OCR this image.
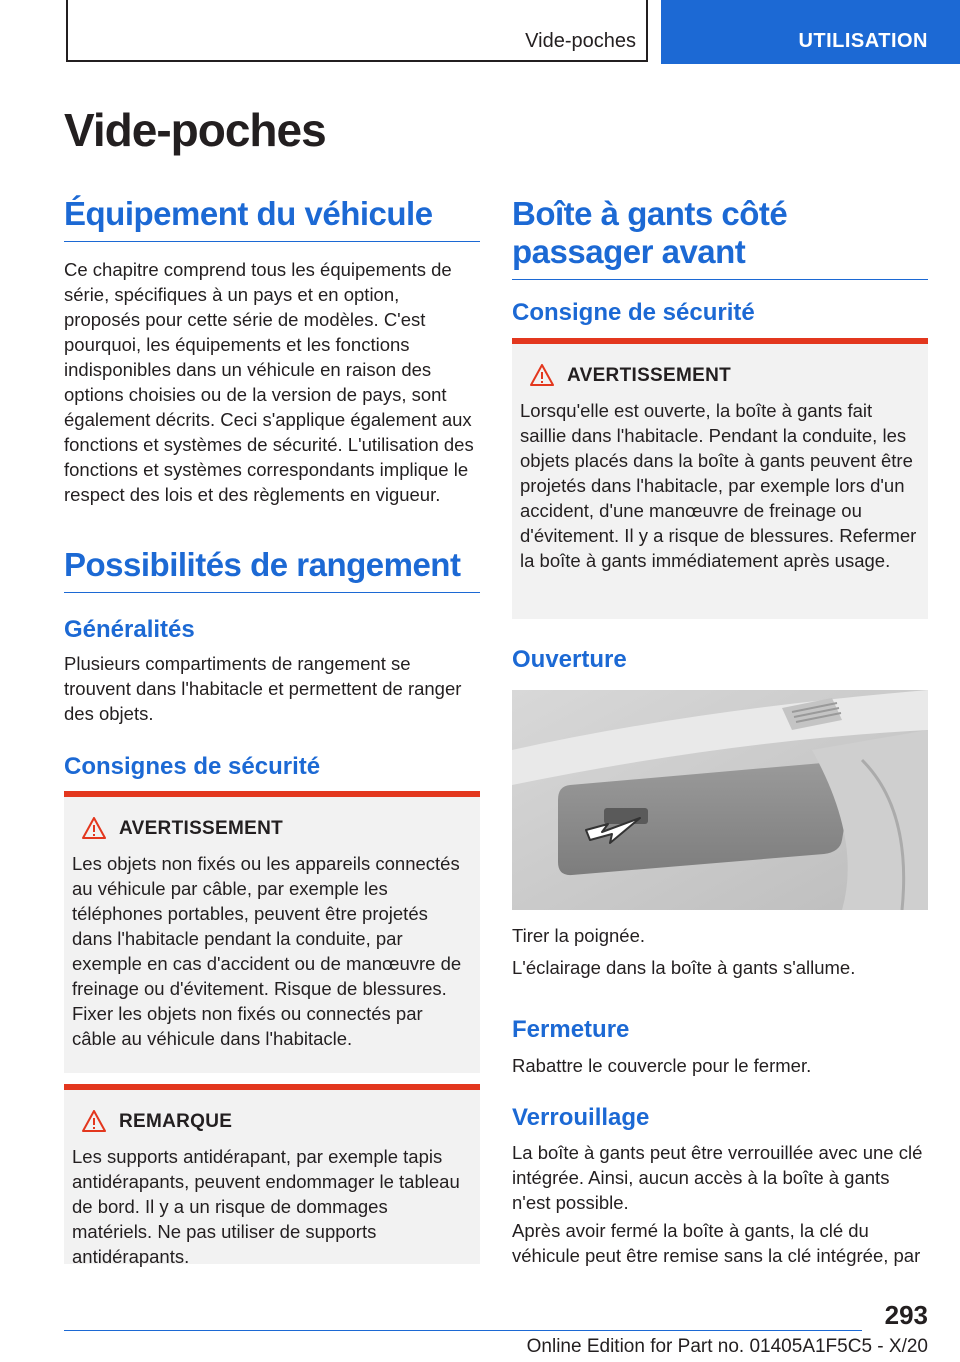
Vide-poches	UTILISATION
Vide-poches
Équipement du véhicule

Ce chapitre comprend tous les équipements de série, spécifiques à un pays et en option, proposés pour cette série de modèles. C'est pourquoi, les équipements et les fonctions indisponibles dans un véhicule en raison des options choisies ou de la version de pays, sont également décrits. Ceci s'applique également aux fonctions et systèmes de sécurité. L'utilisation des fonctions et systèmes correspondants implique le respect des lois et des règlements en vigueur.

Possibilités de rangement
Généralités

Plusieurs compartiments de rangement se trouvent dans l'habitacle et permettent de ranger des objets.

Consignes de sécurité
AVERTISSEMENT

Les objets non fixés ou les appareils connectés au véhicule par câble, par exemple les téléphones portables, peuvent être projetés dans l'habitacle pendant la conduite, par exemple en cas d'accident ou de manœuvre de freinage ou d'évitement. Risque de blessures. Fixer les objets non fixés ou connectés par câble au véhicule dans l'habitacle.

REMARQUE

Les supports antidérapant, par exemple tapis antidérapants, peuvent endommager le tableau de bord. Il y a un risque de dommages matériels. Ne pas utiliser de supports antidérapants.

Boîte à gants côté passager avant
Consigne de sécurité
AVERTISSEMENT

Lorsqu'elle est ouverte, la boîte à gants fait saillie dans l'habitacle. Pendant la conduite, les objets placés dans la boîte à gants peuvent être projetés dans l'habitacle, par exemple lors d'un accident, d'une manœuvre de freinage ou d'évitement. Il y a risque de blessures. Refermer la boîte à gants immédiatement après usage.

Ouverture

Tirer la poignée.

L'éclairage dans la boîte à gants s'allume.

Fermeture

Rabattre le couvercle pour le fermer.

Verrouillage

La boîte à gants peut être verrouillée avec une clé intégrée. Ainsi, aucun accès à la boîte à gants n'est possible.

Après avoir fermé la boîte à gants, la clé du véhicule peut être remise sans la clé intégrée, par

293
Online Edition for Part no. 01405A1F5C5 - X/20
